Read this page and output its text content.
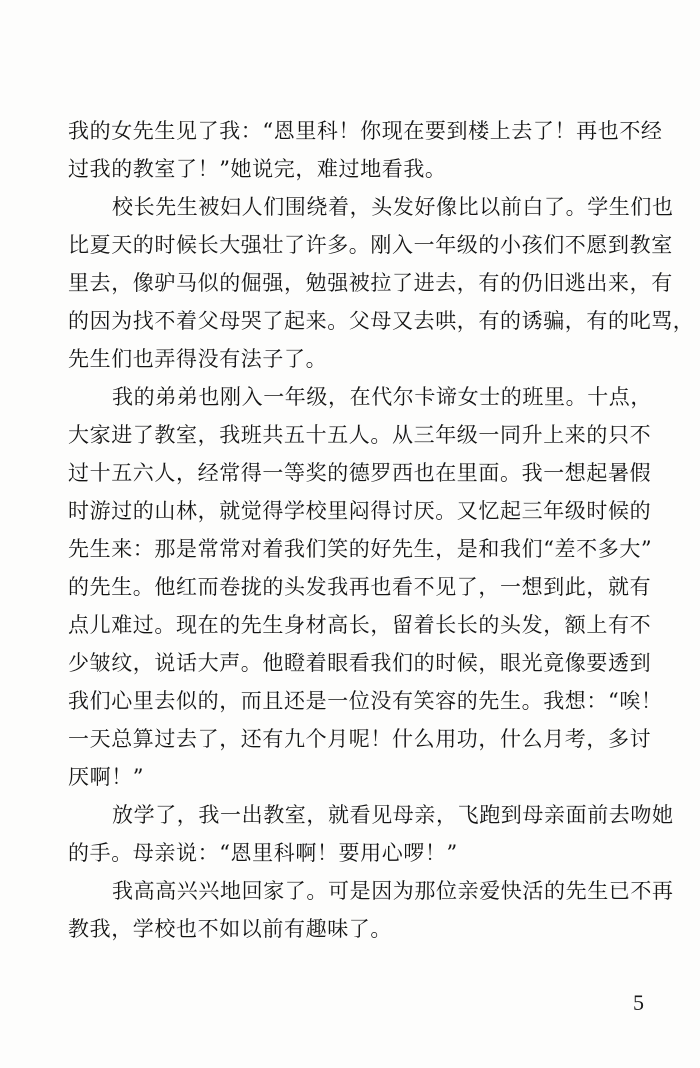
我的女先生见了我：“恩里科！你现在要到楼上去了！再也不经
过我的教室了！”她说完，难过地看我。
校长先生被妇人们围绕着，头发好像比以前白了。学生们也
比夏天的时候长大强壮了许多。刚入一年级的小孩们不愿到教室
里去，像驴马似的倔强，勉强被拉了进去，有的仍旧逃出来，有
的因为找不着父母哭了起来。父母又去哄，有的诱骗，有的叱骂，
先生们也弄得没有法子了。
我的弟弟也刚入一年级，在代尔卡谛女士的班里。十点，
大家进了教室，我班共五十五人。从三年级一同升上来的只不
过十五六人，经常得一等奖的德罗西也在里面。我一想起暑假
时游过的山林，就觉得学校里闷得讨厌。又忆起三年级时候的
先生来：那是常常对着我们笑的好先生，是和我们“差不多大”
的先生。他红而卷拢的头发我再也看不见了，一想到此，就有
点儿难过。现在的先生身材高长，留着长长的头发，额上有不
少皱纹，说话大声。他瞪着眼看我们的时候，眼光竟像要透到
我们心里去似的，而且还是一位没有笑容的先生。我想：“唉！
一天总算过去了，还有九个月呢！什么用功，什么月考，多讨
厌啊！”
放学了，我一出教室，就看见母亲，飞跑到母亲面前去吻她
的手。母亲说：“恩里科啊！要用心啰！”
我高高兴兴地回家了。可是因为那位亲爱快活的先生已不再
教我，学校也不如以前有趣味了。
5
